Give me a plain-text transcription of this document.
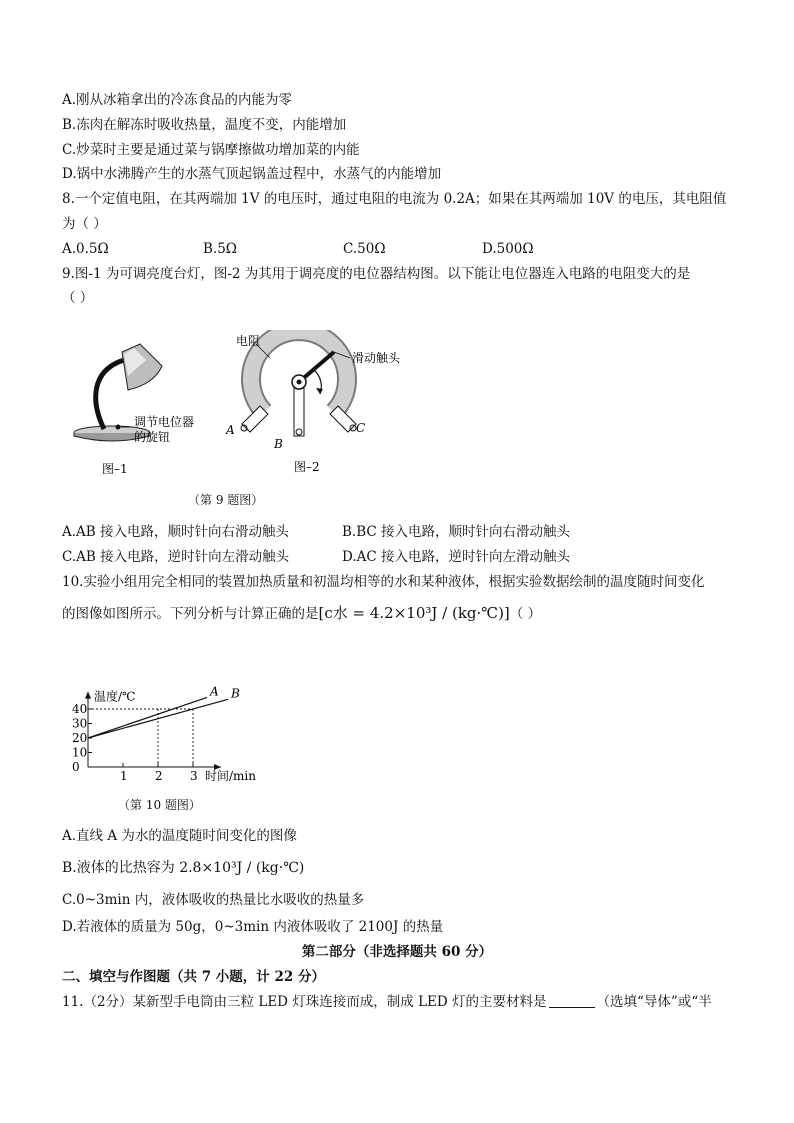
A.刚从冰箱拿出的冷冻食品的内能为零
B.冻肉在解冻时吸收热量，温度不变，内能增加
C.炒菜时主要是通过菜与锅摩擦做功增加菜的内能
D.锅中水沸腾产生的水蒸气顶起锅盖过程中，水蒸气的内能增加
8.一个定值电阻，在其两端加 1V 的电压时，通过电阻的电流为 0.2A；如果在其两端加 10V 的电压，其电阻值
为（ ）
A.0.5Ω	B.5Ω	C.50Ω	D.500Ω
9.图-1 为可调亮度台灯，图-2 为其用于调亮度的电位器结构图。以下能让电位器连入电路的电阻变大的是
（ ）
调节电位器
的旋钮
图–1
电阻
滑动触头
A
B
C
图–2
（第 9 题图）
A.AB 接入电路，顺时针向右滑动触头	B.BC 接入电路，顺时针向右滑动触头
C.AB 接入电路，逆时针向左滑动触头	D.AC 接入电路，逆时针向左滑动触头
10.实验小组用完全相同的装置加热质量和初温均相等的水和某种液体，根据实验数据绘制的温度随时间变化
的图像如图所示。下列分析与计算正确的是[c水 = 4.2×10³J / (kg·℃)]（ ）
1 2 3
0
10
20
30
40
A B
温度/℃
时间/min
（第 10 题图）
A.直线 A 为水的温度随时间变化的图像
B.液体的比热容为 2.8×10³J / (kg·℃)
C.0~3min 内，液体吸收的热量比水吸收的热量多
D.若液体的质量为 50g，0~3min 内液体吸收了 2100J 的热量
第二部分（非选择题共 60 分）
二、填空与作图题（共 7 小题，计 22 分）
11.（2分）某新型手电筒由三粒 LED 灯珠连接而成，制成 LED 灯的主要材料是	（选填“导体”或“半
